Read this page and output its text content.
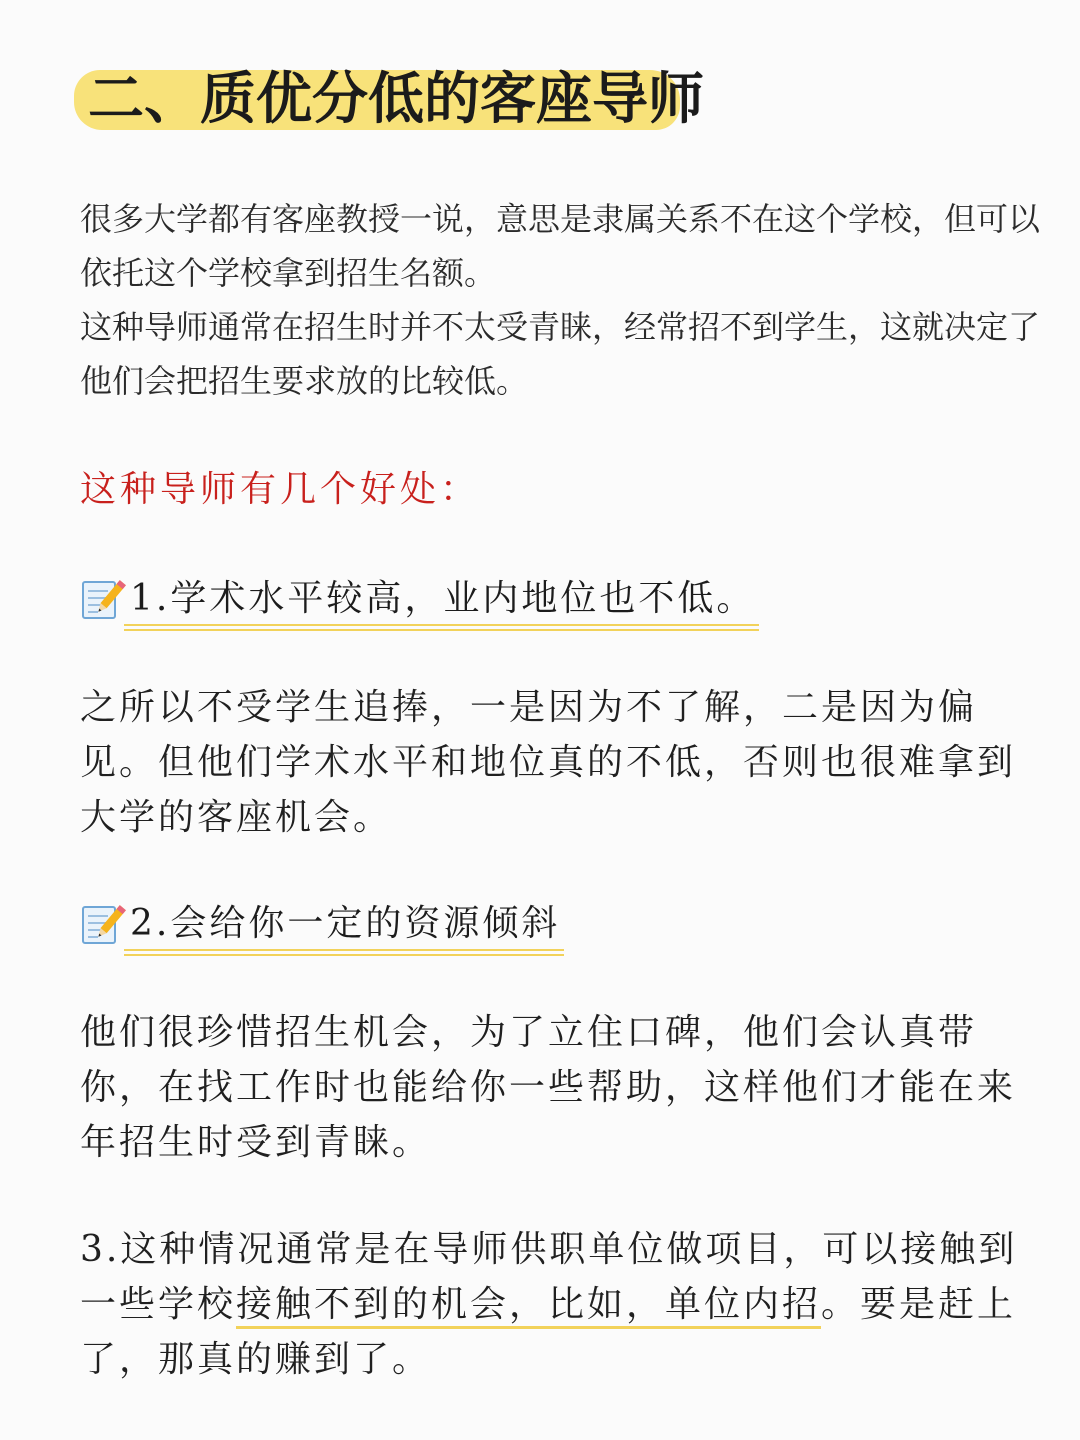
二、质优分低的客座导师

很多大学都有客座教授一说，意思是隶属关系不在这个学校，但可以依托这个学校拿到招生名额。

这种导师通常在招生时并不太受青睐，经常招不到学生，这就决定了他们会把招生要求放的比较低。

这种导师有几个好处：
1.学术水平较高，业内地位也不低。

之所以不受学生追捧，一是因为不了解，二是因为偏见。但他们学术水平和地位真的不低，否则也很难拿到大学的客座机会。

2.会给你一定的资源倾斜

他们很珍惜招生机会，为了立住口碑，他们会认真带你，在找工作时也能给你一些帮助，这样他们才能在来年招生时受到青睐。

3.这种情况通常是在导师供职单位做项目，可以接触到一些学校接触不到的机会，比如，单位内招。要是赶上了，那真的赚到了。
